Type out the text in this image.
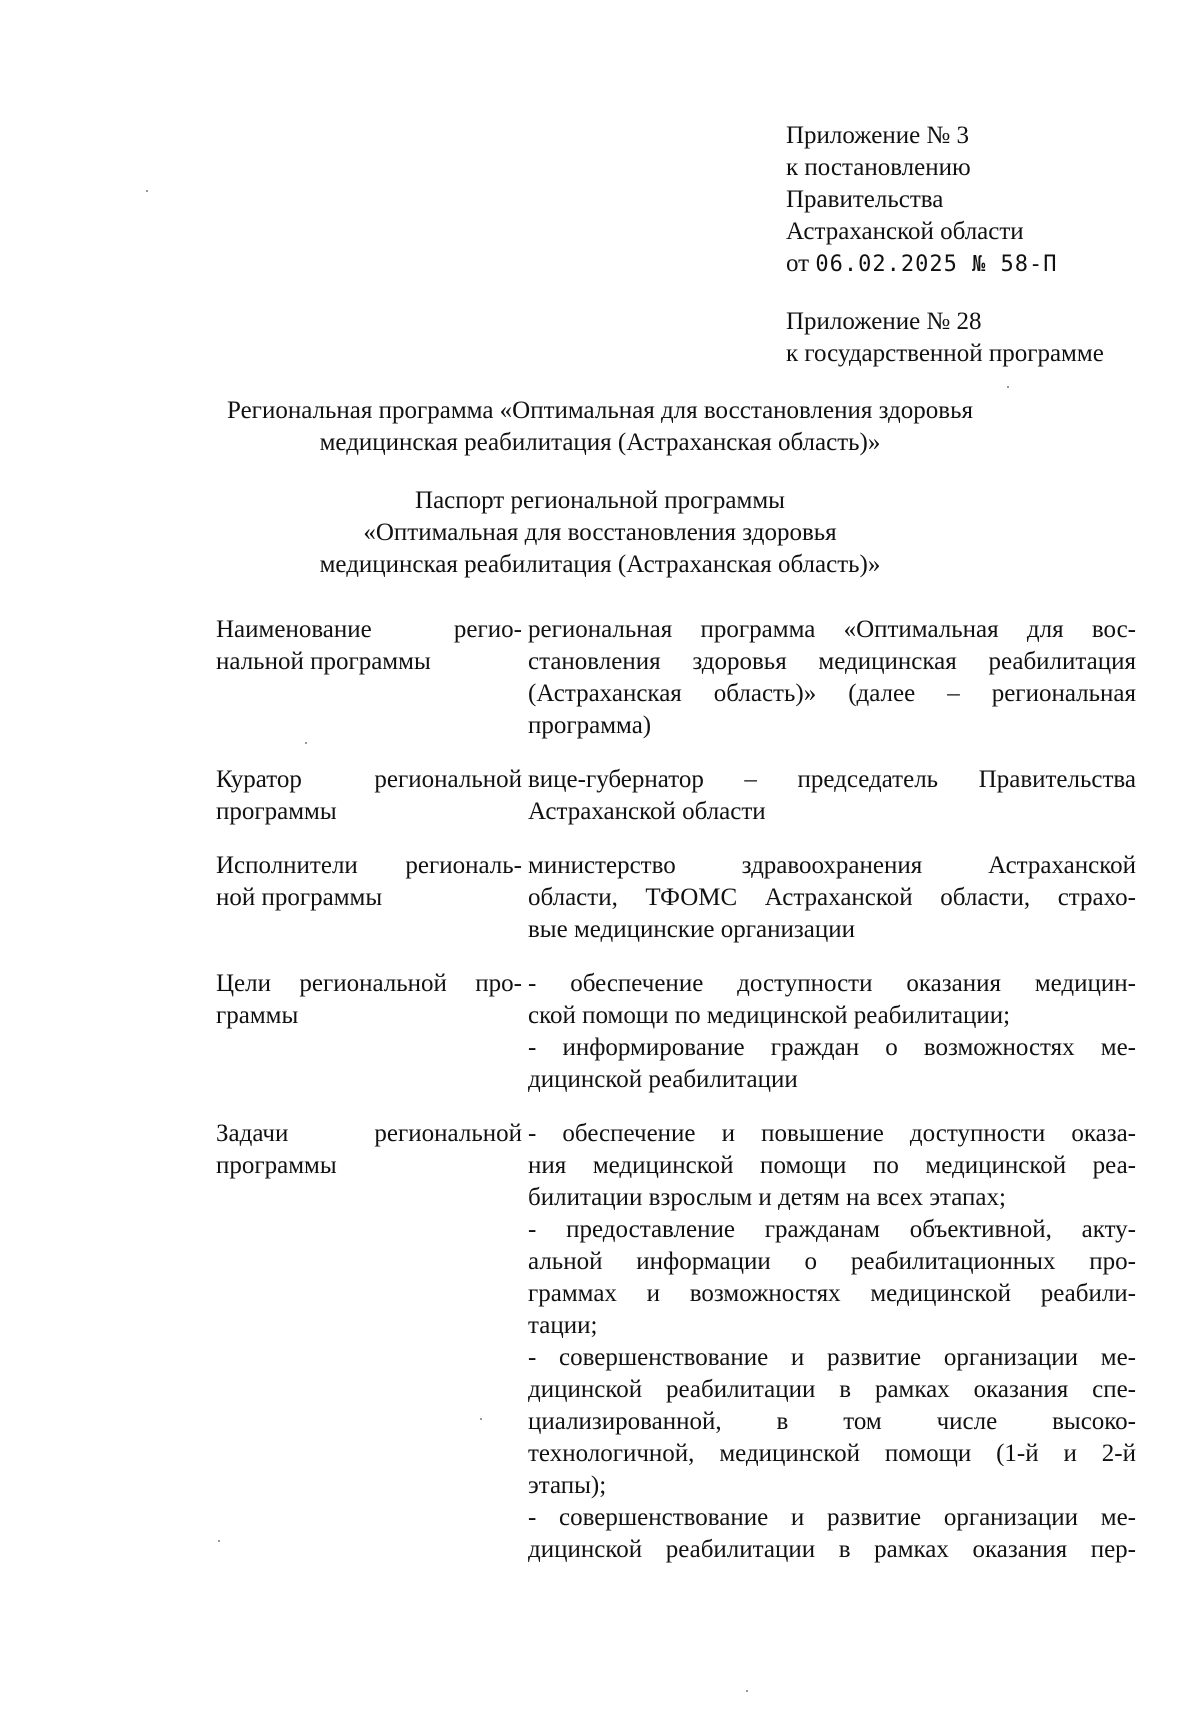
Приложение № 3
к постановлению
Правительства
Астраханской области
от 06.02.2025 № 58-П
Приложение № 28
к государственной программе
Региональная программа «Оптимальная для восстановления здоровья
медицинская реабилитация (Астраханская область)»
Паспорт региональной программы
«Оптимальная для восстановления здоровья
медицинская реабилитация (Астраханская область)»
Наименование регио-
нальной программы
региональная программа «Оптимальная для вос-
становления здоровья медицинская реабилитация
(Астраханская область)» (далее – региональная
программа)
Куратор региональной
программы
вице-губернатор – председатель Правительства
Астраханской области
Исполнители региональ-
ной программы
министерство здравоохранения Астраханской
области, ТФОМС Астраханской области, страхо-
вые медицинские организации
Цели региональной про-
граммы
- обеспечение доступности оказания медицин-
ской помощи по медицинской реабилитации;
- информирование граждан о возможностях ме-
дицинской реабилитации
Задачи региональной
программы
- обеспечение и повышение доступности оказа-
ния медицинской помощи по медицинской реа-
билитации взрослым и детям на всех этапах;
- предоставление гражданам объективной, акту-
альной информации о реабилитационных про-
граммах и возможностях медицинской реабили-
тации;
- совершенствование и развитие организации ме-
дицинской реабилитации в рамках оказания спе-
циализированной, в том числе высоко-
технологичной, медицинской помощи (1-й и 2-й
этапы);
- совершенствование и развитие организации ме-
дицинской реабилитации в рамках оказания пер-
